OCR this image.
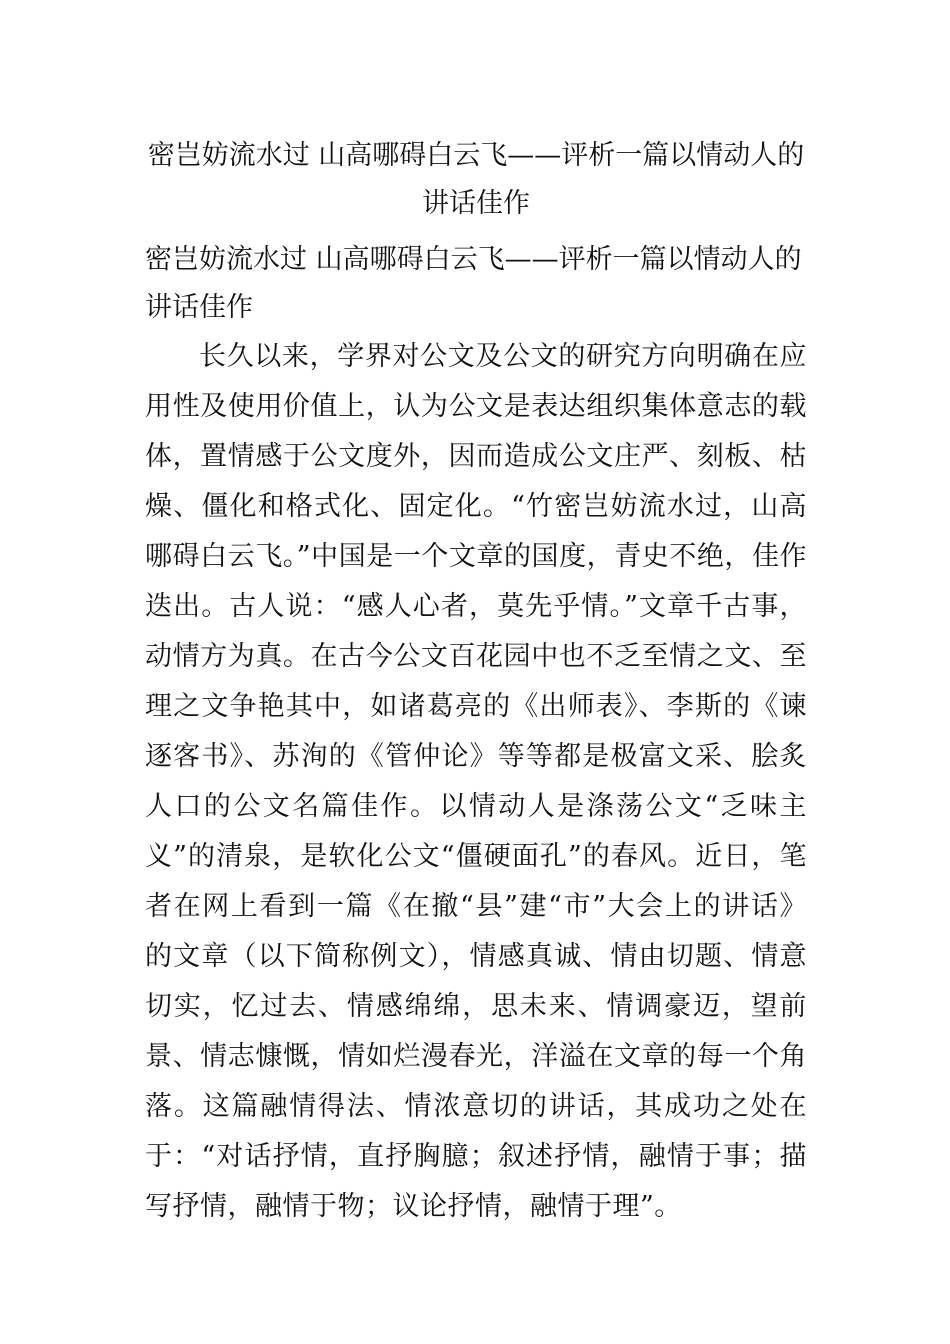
密岂妨流水过 山高哪碍白云飞——评析一篇以情动人的讲话佳作
密岂妨流水过 山高哪碍白云飞——评析一篇以情动人的讲话佳作

长久以来，学界对公文及公文的研究方向明确在应用性及使用价值上，认为公文是表达组织集体意志的载体，置情感于公文度外，因而造成公文庄严、刻板、枯燥、僵化和格式化、固定化。“竹密岂妨流水过，山高哪碍白云飞。”中国是一个文章的国度，青史不绝，佳作迭出。古人说：“感人心者，莫先乎情。”文章千古事，动情方为真。在古今公文百花园中也不乏至情之文、至理之文争艳其中，如诸葛亮的《出师表》、李斯的《谏逐客书》、苏洵的《管仲论》等等都是极富文采、脍炙人口的公文名篇佳作。以情动人是涤荡公文“乏味主义”的清泉，是软化公文“僵硬面孔”的春风。近日，笔者在网上看到一篇《在撤“县”建“市”大会上的讲话》的文章（以下简称例文），情感真诚、情由切题、情意切实，忆过去、情感绵绵，思未来、情调豪迈，望前景、情志慷慨，情如烂漫春光，洋溢在文章的每一个角落。这篇融情得法、情浓意切的讲话，其成功之处在于：“对话抒情，直抒胸臆；叙述抒情，融情于事；描写抒情，融情于物；议论抒情，融情于理”。
